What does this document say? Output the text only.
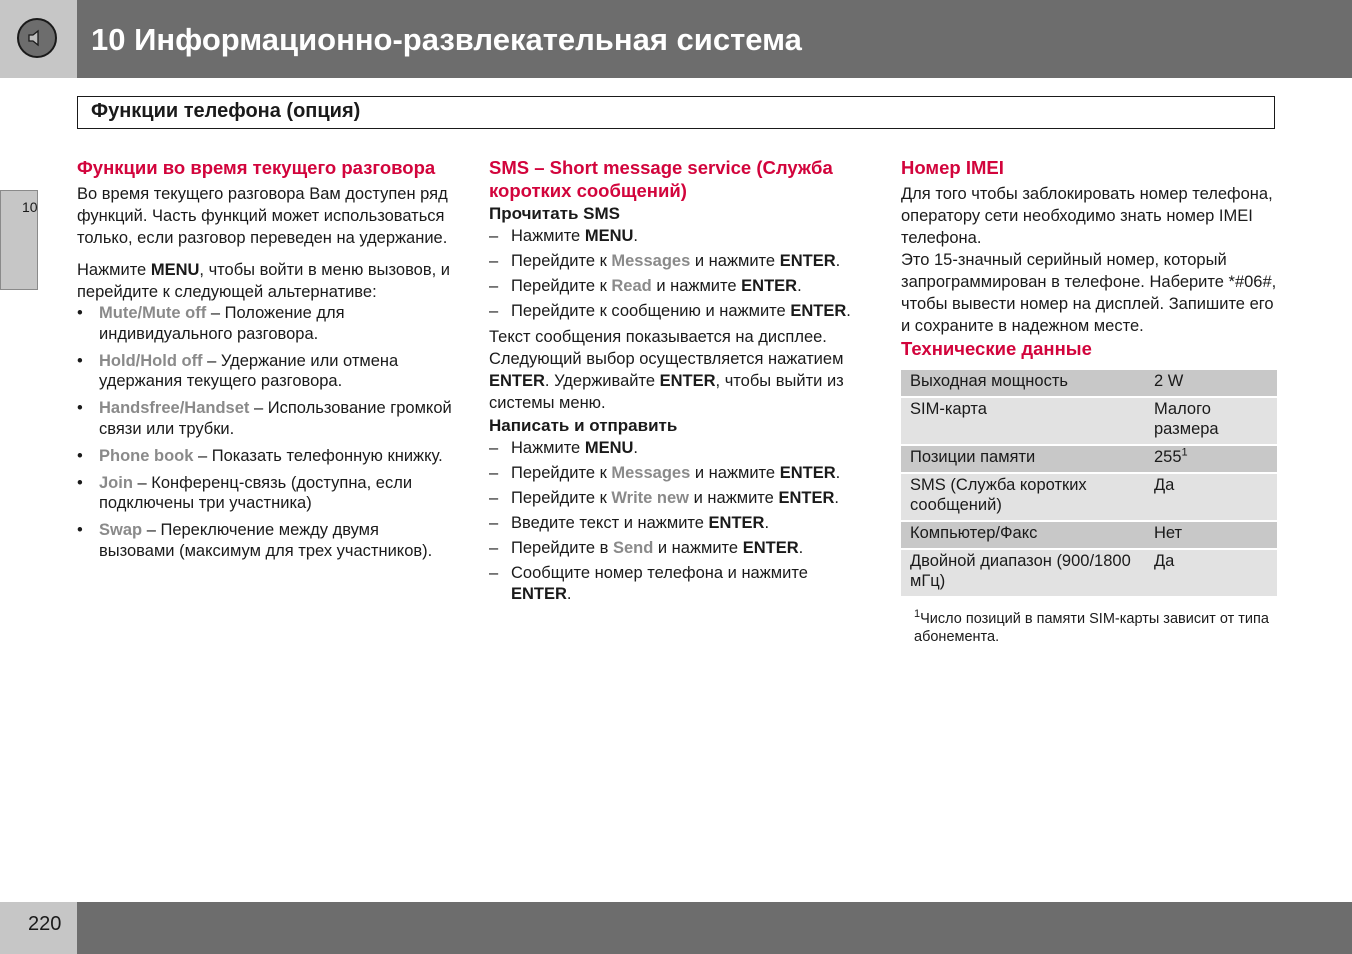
10 Информационно-развлекательная система
Функции телефона (опция)
10
Функции во время текущего разговора

Во время текущего разговора Вам доступен ряд функций. Часть функций может использоваться только, если разговор переведен на удержание.

Нажмите MENU, чтобы войти в меню вызовов, и перейдите к следующей альтернативе:

• Mute/Mute off – Положение для индивидуального разговора.
• Hold/Hold off – Удержание или отмена удержания текущего разговора.
• Handsfree/Handset – Использование громкой связи или трубки.
• Phone book – Показать телефонную книжку.
• Join – Конференц-связь (доступна, если подключены три участника)
• Swap – Переключение между двумя вызовами (максимум для трех участников).
SMS – Short message service (Служба коротких сообщений)
Прочитать SMS
– Нажмите MENU.
– Перейдите к Messages и нажмите ENTER.
– Перейдите к Read и нажмите ENTER.
– Перейдите к сообщению и нажмите ENTER.

Текст сообщения показывается на дисплее. Следующий выбор осуществляется нажатием ENTER. Удерживайте ENTER, чтобы выйти из системы меню.

Написать и отправить
– Нажмите MENU.
– Перейдите к Messages и нажмите ENTER.
– Перейдите к Write new и нажмите ENTER.
– Введите текст и нажмите ENTER.
– Перейдите в Send и нажмите ENTER.
– Сообщите номер телефона и нажмите ENTER.
Номер IMEI

Для того чтобы заблокировать номер телефона, оператору сети необходимо знать номер IMEI телефона.

Это 15-значный серийный номер, который запрограммирован в телефоне. Наберите *#06#, чтобы вывести номер на дисплей. Запишите его и сохраните в надежном месте.

Технические данные
Выходная мощность	2 W
SIM-карта	Малого размера
Позиции памяти	$255^1$
SMS (Служба коротких сообщений)	Да
Компьютер/Факс	Нет
Двойной диапазон (900/1800 мГц)	Да

$^1$Число позиций в памяти SIM-карты зависит от типа абонемента.

220
